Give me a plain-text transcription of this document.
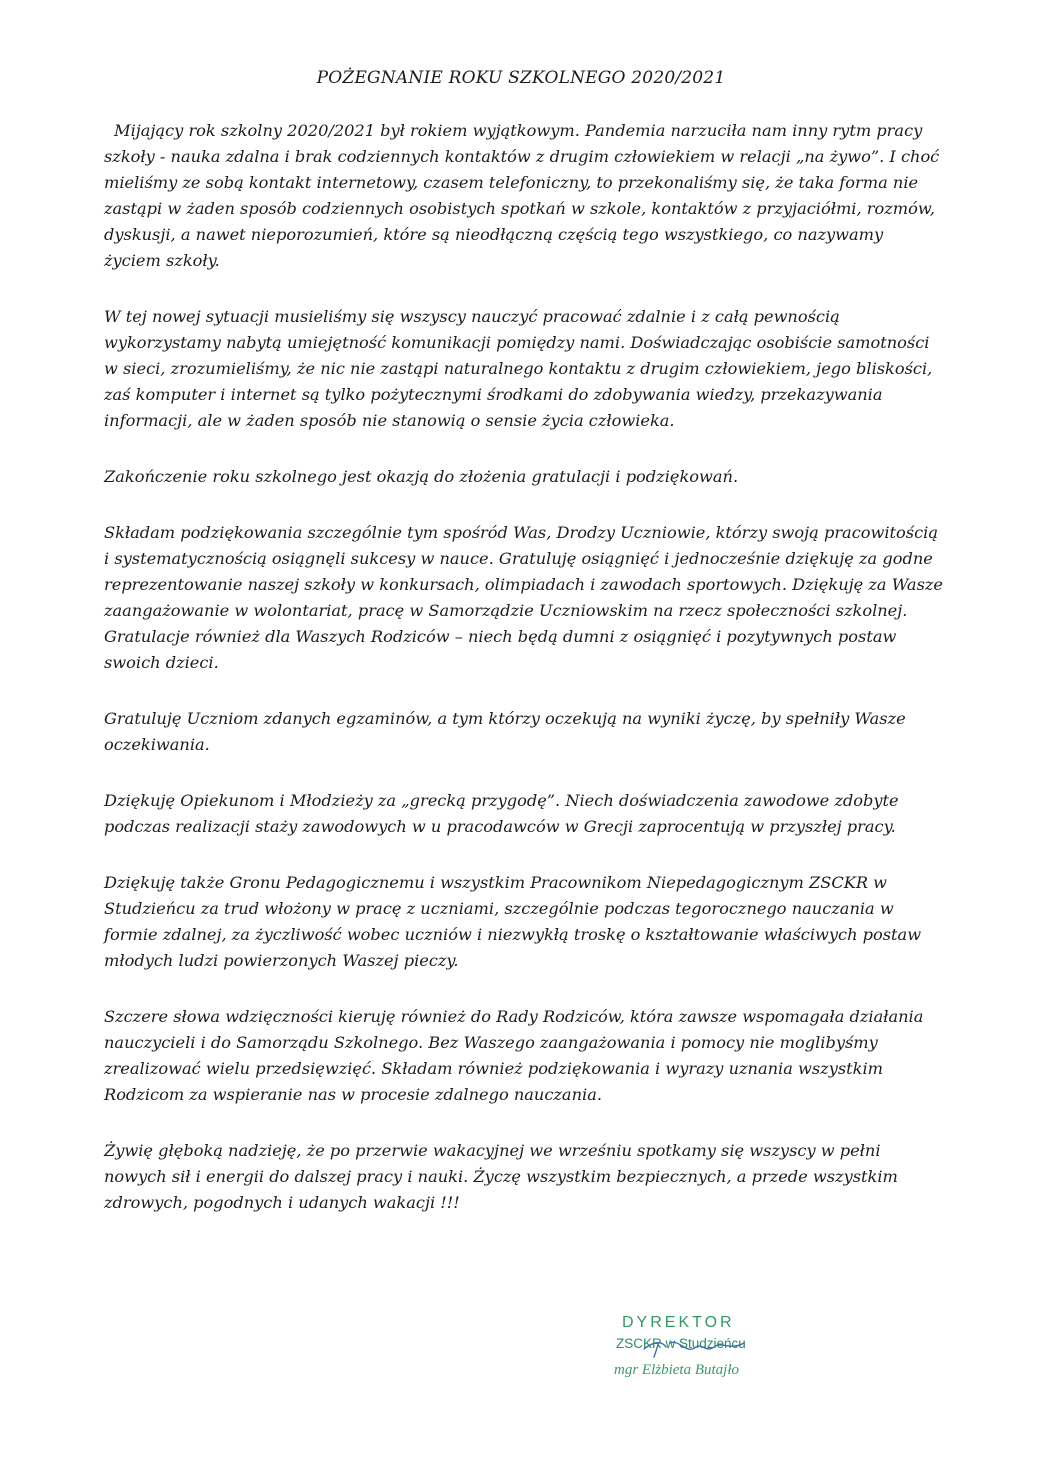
POŻEGNANIE ROKU SZKOLNEGO 2020/2021

Mijający rok szkolny 2020/2021 był rokiem wyjątkowym. Pandemia narzuciła nam inny rytm pracy szkoły - nauka zdalna i brak codziennych kontaktów z drugim człowiekiem w relacji „na żywo”. I choć mieliśmy ze sobą kontakt internetowy, czasem telefoniczny, to przekonaliśmy się, że taka forma nie zastąpi w żaden sposób codziennych osobistych spotkań w szkole, kontaktów z przyjaciółmi, rozmów, dyskusji, a nawet nieporozumień, które są nieodłączną częścią tego wszystkiego, co nazywamy życiem szkoły.

W tej nowej sytuacji musieliśmy się wszyscy nauczyć pracować zdalnie i z całą pewnością wykorzystamy nabytą umiejętność komunikacji pomiędzy nami. Doświadczając osobiście samotności w sieci, zrozumieliśmy, że nic nie zastąpi naturalnego kontaktu z drugim człowiekiem, jego bliskości, zaś komputer i internet są tylko pożytecznymi środkami do zdobywania wiedzy, przekazywania informacji, ale w żaden sposób nie stanowią o sensie życia człowieka.

Zakończenie roku szkolnego jest okazją do złożenia gratulacji i podziękowań.

Składam podziękowania szczególnie tym spośród Was, Drodzy Uczniowie, którzy swoją pracowitością i systematycznością osiągnęli sukcesy w nauce. Gratuluję osiągnięć i jednocześnie dziękuję za godne reprezentowanie naszej szkoły w konkursach, olimpiadach i zawodach sportowych. Dziękuję za Wasze zaangażowanie w wolontariat, pracę w Samorządzie Uczniowskim na rzecz społeczności szkolnej. Gratulacje również dla Waszych Rodziców – niech będą dumni z osiągnięć i pozytywnych postaw swoich dzieci.

Gratuluję Uczniom zdanych egzaminów, a tym którzy oczekują na wyniki życzę, by spełniły Wasze oczekiwania.

Dziękuję Opiekunom i Młodzieży za „grecką przygodę”. Niech doświadczenia zawodowe zdobyte podczas realizacji staży zawodowych w u pracodawców w Grecji zaprocentują w przyszłej pracy.

Dziękuję także Gronu Pedagogicznemu i wszystkim Pracownikom Niepedagogicznym ZSCKR w Studzieńcu za trud włożony w pracę z uczniami, szczególnie podczas tegorocznego nauczania w formie zdalnej, za życzliwość wobec uczniów i niezwykłą troskę o kształtowanie właściwych postaw młodych ludzi powierzonych Waszej pieczy.

Szczere słowa wdzięczności kieruję również do Rady Rodziców, która zawsze wspomagała działania nauczycieli i do Samorządu Szkolnego. Bez Waszego zaangażowania i pomocy nie moglibyśmy zrealizować wielu przedsięwzięć. Składam również podziękowania i wyrazy uznania wszystkim Rodzicom za wspieranie nas w procesie zdalnego nauczania.

Żywię głęboką nadzieję, że po przerwie wakacyjnej we wrześniu spotkamy się wszyscy w pełni nowych sił i energii do dalszej pracy i nauki. Życzę wszystkim bezpiecznych, a przede wszystkim zdrowych, pogodnych i udanych wakacji !!!

DYREKTOR
ZSCKR w Studzieńcu
mgr Elżbieta Butajło
